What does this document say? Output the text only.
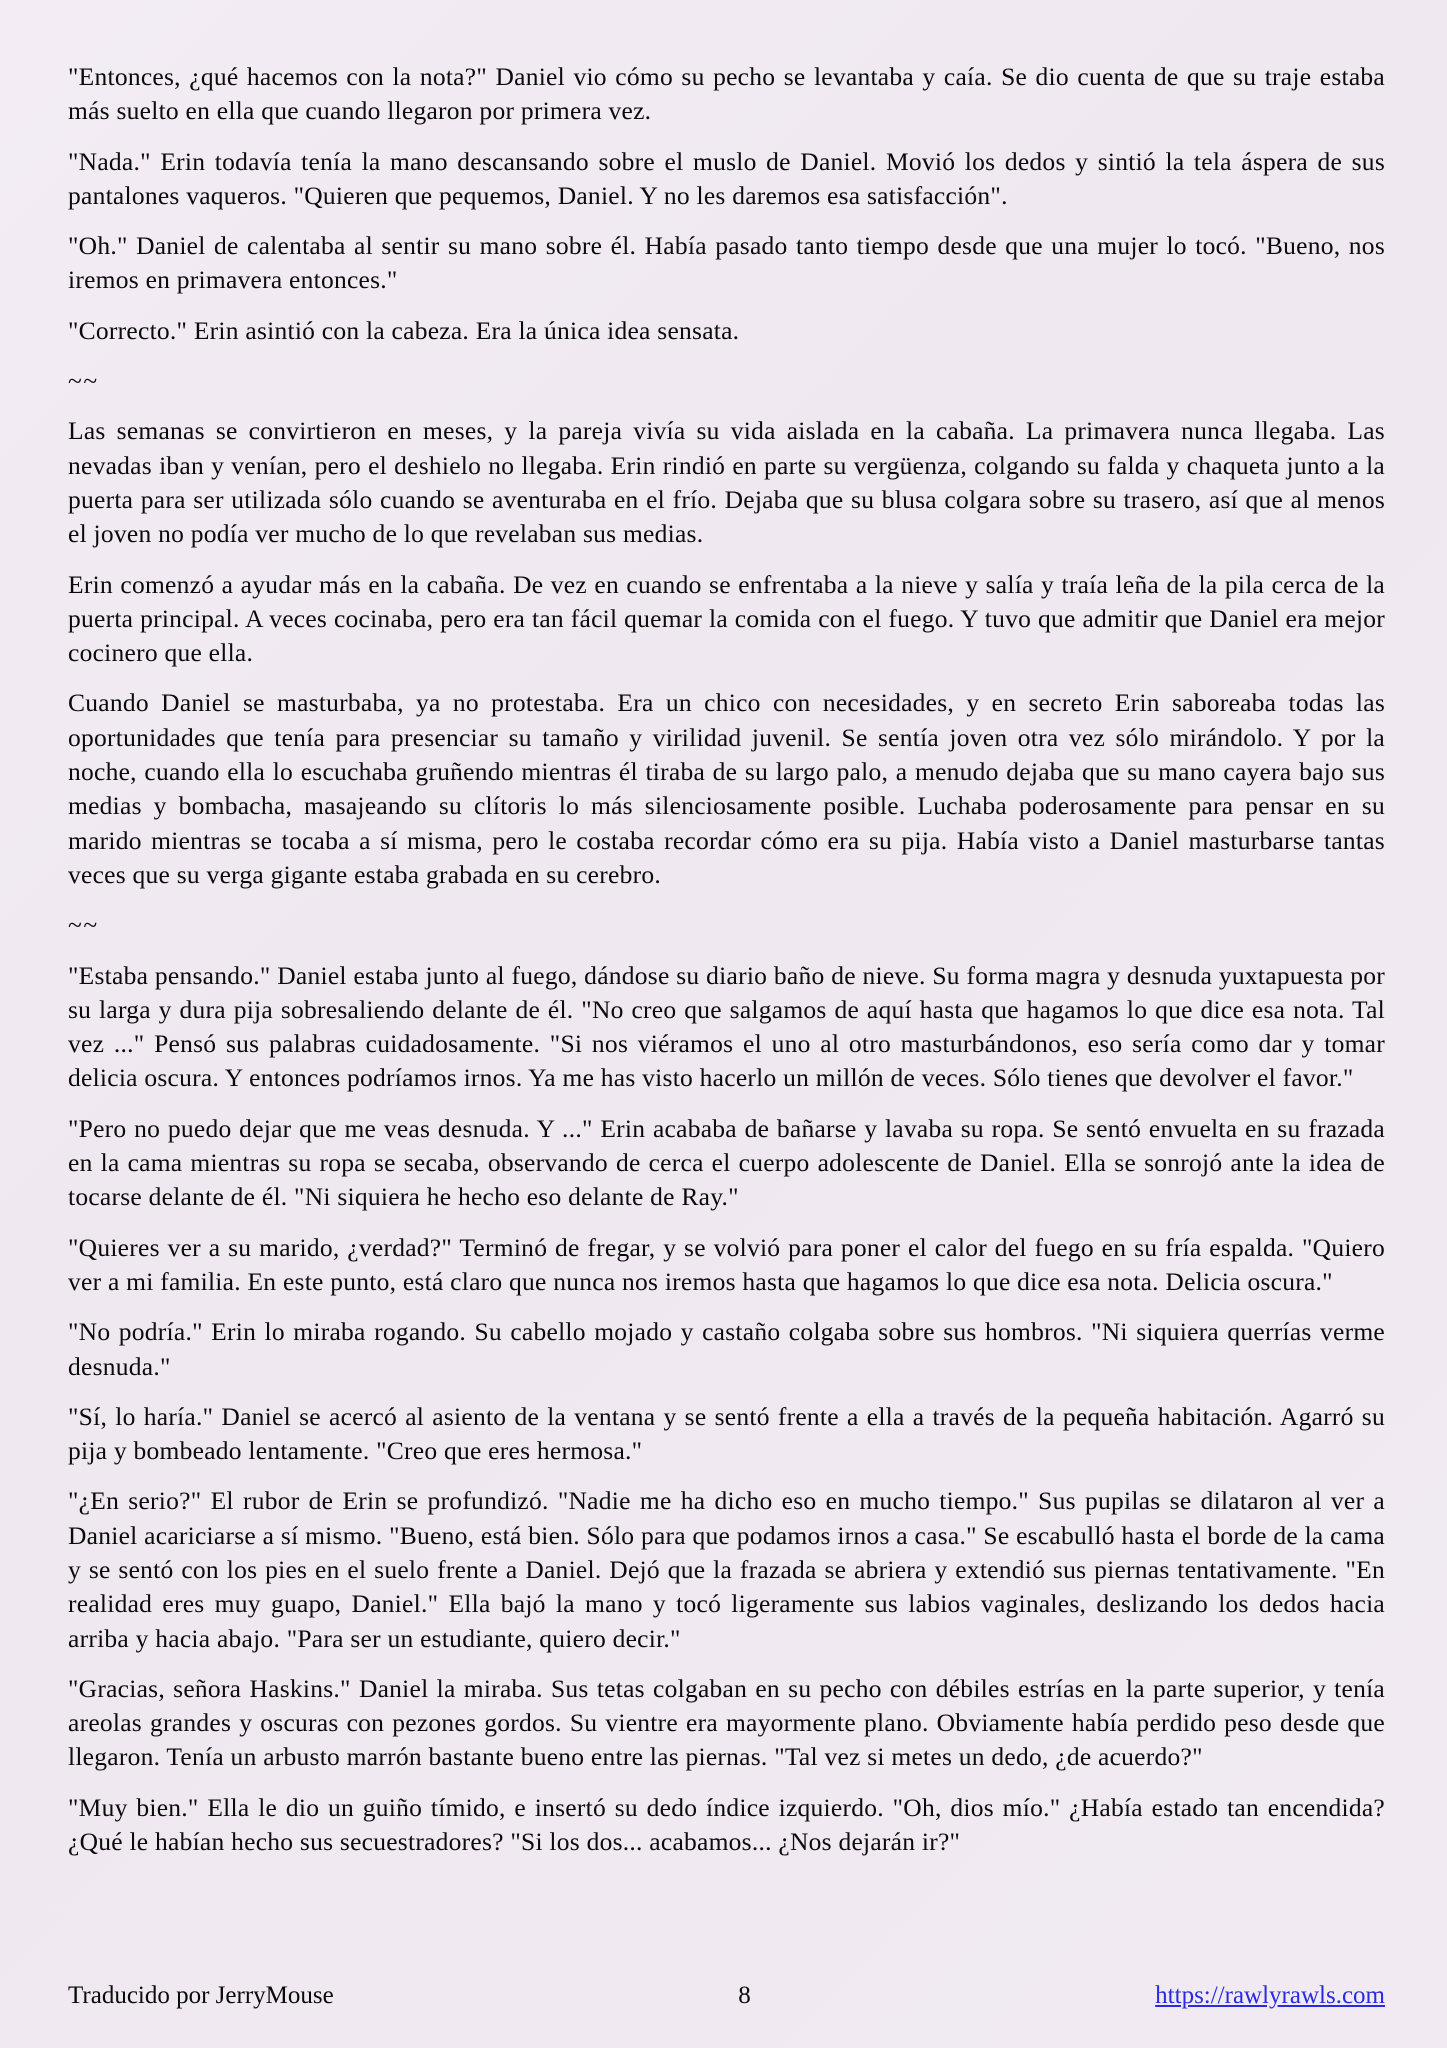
"Entonces, ¿qué hacemos con la nota?" Daniel vio cómo su pecho se levantaba y caía. Se dio cuenta de que su traje estaba más suelto en ella que cuando llegaron por primera vez.

"Nada." Erin todavía tenía la mano descansando sobre el muslo de Daniel. Movió los dedos y sintió la tela áspera de sus pantalones vaqueros. "Quieren que pequemos, Daniel. Y no les daremos esa satisfacción".

"Oh." Daniel de calentaba al sentir su mano sobre él. Había pasado tanto tiempo desde que una mujer lo tocó. "Bueno, nos iremos en primavera entonces."

"Correcto." Erin asintió con la cabeza. Era la única idea sensata.

~~

Las semanas se convirtieron en meses, y la pareja vivía su vida aislada en la cabaña. La primavera nunca llegaba. Las nevadas iban y venían, pero el deshielo no llegaba. Erin rindió en parte su vergüenza, colgando su falda y chaqueta junto a la puerta para ser utilizada sólo cuando se aventuraba en el frío. Dejaba que su blusa colgara sobre su trasero, así que al menos el joven no podía ver mucho de lo que revelaban sus medias.

Erin comenzó a ayudar más en la cabaña. De vez en cuando se enfrentaba a la nieve y salía y traía leña de la pila cerca de la puerta principal. A veces cocinaba, pero era tan fácil quemar la comida con el fuego. Y tuvo que admitir que Daniel era mejor cocinero que ella.

Cuando Daniel se masturbaba, ya no protestaba. Era un chico con necesidades, y en secreto Erin saboreaba todas las oportunidades que tenía para presenciar su tamaño y virilidad juvenil. Se sentía joven otra vez sólo mirándolo. Y por la noche, cuando ella lo escuchaba gruñendo mientras él tiraba de su largo palo, a menudo dejaba que su mano cayera bajo sus medias y bombacha, masajeando su clítoris lo más silenciosamente posible. Luchaba poderosamente para pensar en su marido mientras se tocaba a sí misma, pero le costaba recordar cómo era su pija. Había visto a Daniel masturbarse tantas veces que su verga gigante estaba grabada en su cerebro.

~~

"Estaba pensando." Daniel estaba junto al fuego, dándose su diario baño de nieve. Su forma magra y desnuda yuxtapuesta por su larga y dura pija sobresaliendo delante de él. "No creo que salgamos de aquí hasta que hagamos lo que dice esa nota. Tal vez ..." Pensó sus palabras cuidadosamente. "Si nos viéramos el uno al otro masturbándonos, eso sería como dar y tomar delicia oscura. Y entonces podríamos irnos. Ya me has visto hacerlo un millón de veces. Sólo tienes que devolver el favor."

"Pero no puedo dejar que me veas desnuda. Y ..." Erin acababa de bañarse y lavaba su ropa. Se sentó envuelta en su frazada en la cama mientras su ropa se secaba, observando de cerca el cuerpo adolescente de Daniel. Ella se sonrojó ante la idea de tocarse delante de él. "Ni siquiera he hecho eso delante de Ray."

"Quieres ver a su marido, ¿verdad?" Terminó de fregar, y se volvió para poner el calor del fuego en su fría espalda. "Quiero ver a mi familia. En este punto, está claro que nunca nos iremos hasta que hagamos lo que dice esa nota. Delicia oscura."

"No podría." Erin lo miraba rogando. Su cabello mojado y castaño colgaba sobre sus hombros. "Ni siquiera querrías verme desnuda."

"Sí, lo haría." Daniel se acercó al asiento de la ventana y se sentó frente a ella a través de la pequeña habitación. Agarró su pija y bombeado lentamente. "Creo que eres hermosa."

"¿En serio?" El rubor de Erin se profundizó. "Nadie me ha dicho eso en mucho tiempo." Sus pupilas se dilataron al ver a Daniel acariciarse a sí mismo. "Bueno, está bien. Sólo para que podamos irnos a casa." Se escabulló hasta el borde de la cama y se sentó con los pies en el suelo frente a Daniel. Dejó que la frazada se abriera y extendió sus piernas tentativamente. "En realidad eres muy guapo, Daniel." Ella bajó la mano y tocó ligeramente sus labios vaginales, deslizando los dedos hacia arriba y hacia abajo. "Para ser un estudiante, quiero decir."

"Gracias, señora Haskins." Daniel la miraba. Sus tetas colgaban en su pecho con débiles estrías en la parte superior, y tenía areolas grandes y oscuras con pezones gordos. Su vientre era mayormente plano. Obviamente había perdido peso desde que llegaron. Tenía un arbusto marrón bastante bueno entre las piernas. "Tal vez si metes un dedo, ¿de acuerdo?"

"Muy bien." Ella le dio un guiño tímido, e insertó su dedo índice izquierdo. "Oh, dios mío." ¿Había estado tan encendida? ¿Qué le habían hecho sus secuestradores? "Si los dos... acabamos... ¿Nos dejarán ir?"

Traducido por JerryMouse	8	https://rawlyrawls.com
